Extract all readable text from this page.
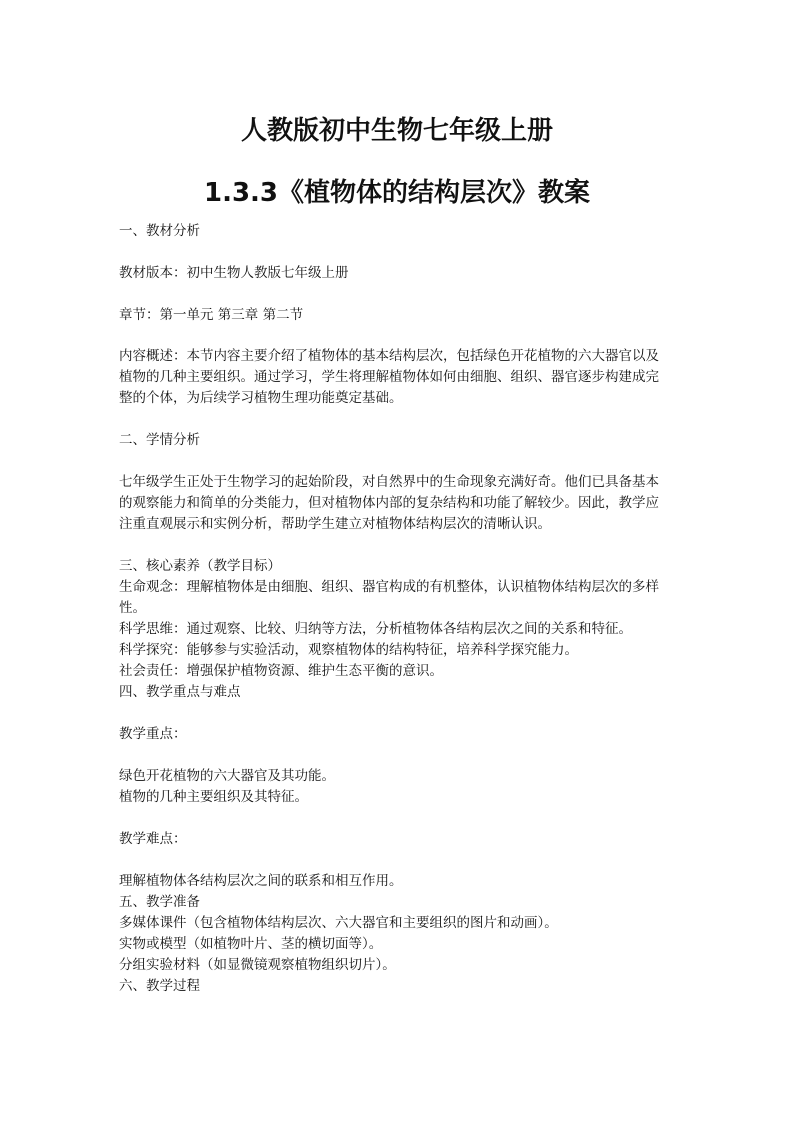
人教版初中生物七年级上册
1.3.3《植物体的结构层次》教案
一、教材分析
教材版本：初中生物人教版七年级上册
章节：第一单元 第三章 第二节
内容概述：本节内容主要介绍了植物体的基本结构层次，包括绿色开花植物的六大器官以及
植物的几种主要组织。通过学习，学生将理解植物体如何由细胞、组织、器官逐步构建成完
整的个体，为后续学习植物生理功能奠定基础。
二、学情分析
七年级学生正处于生物学习的起始阶段，对自然界中的生命现象充满好奇。他们已具备基本
的观察能力和简单的分类能力，但对植物体内部的复杂结构和功能了解较少。因此，教学应
注重直观展示和实例分析，帮助学生建立对植物体结构层次的清晰认识。
三、核心素养（教学目标）
生命观念：理解植物体是由细胞、组织、器官构成的有机整体，认识植物体结构层次的多样
性。
科学思维：通过观察、比较、归纳等方法，分析植物体各结构层次之间的关系和特征。
科学探究：能够参与实验活动，观察植物体的结构特征，培养科学探究能力。
社会责任：增强保护植物资源、维护生态平衡的意识。
四、教学重点与难点
教学重点：
绿色开花植物的六大器官及其功能。
植物的几种主要组织及其特征。
教学难点：
理解植物体各结构层次之间的联系和相互作用。
五、教学准备
多媒体课件（包含植物体结构层次、六大器官和主要组织的图片和动画）。
实物或模型（如植物叶片、茎的横切面等）。
分组实验材料（如显微镜观察植物组织切片）。
六、教学过程
